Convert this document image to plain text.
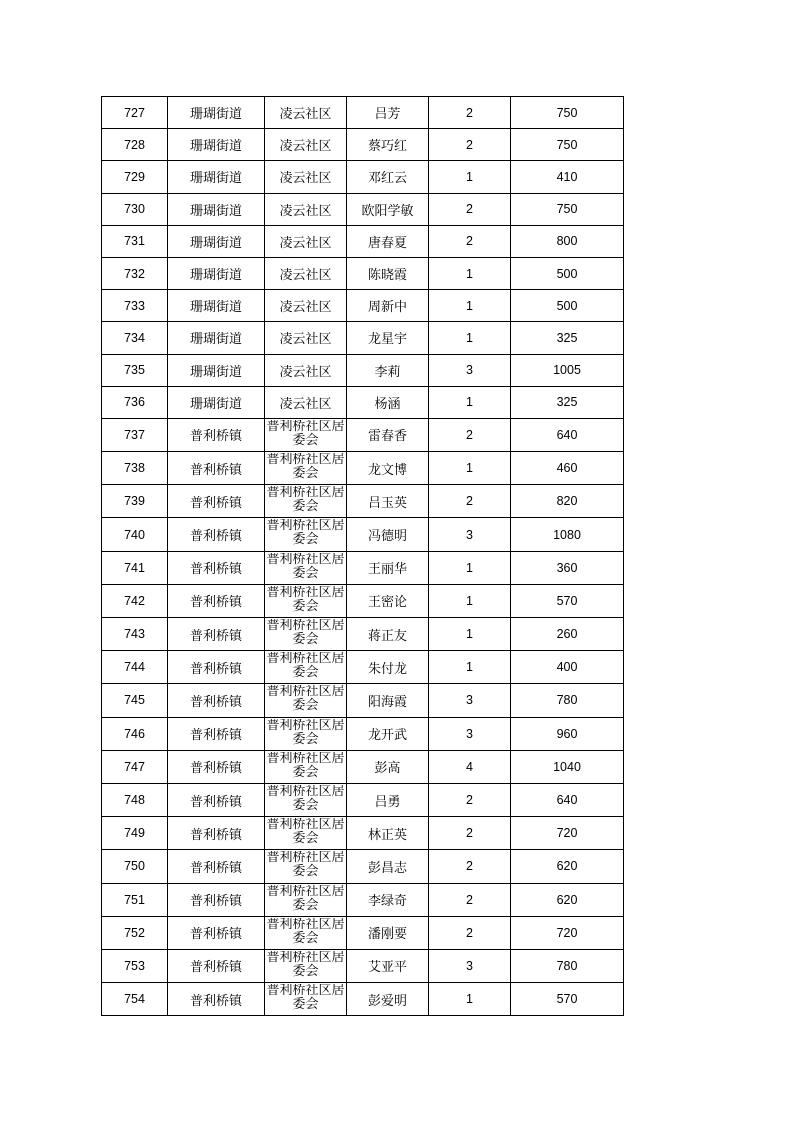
727	珊瑚街道	凌云社区	吕芳	2	750
728	珊瑚街道	凌云社区	蔡巧红	2	750
729	珊瑚街道	凌云社区	邓红云	1	410
730	珊瑚街道	凌云社区	欧阳学敏	2	750
731	珊瑚街道	凌云社区	唐春夏	2	800
732	珊瑚街道	凌云社区	陈晓霞	1	500
733	珊瑚街道	凌云社区	周新中	1	500
734	珊瑚街道	凌云社区	龙星宇	1	325
735	珊瑚街道	凌云社区	李莉	3	1005
736	珊瑚街道	凌云社区	杨涵	1	325
737	普利桥镇	普利桥社区居委会	雷春香	2	640
738	普利桥镇	普利桥社区居委会	龙文博	1	460
739	普利桥镇	普利桥社区居委会	吕玉英	2	820
740	普利桥镇	普利桥社区居委会	冯德明	3	1080
741	普利桥镇	普利桥社区居委会	王丽华	1	360
742	普利桥镇	普利桥社区居委会	王密论	1	570
743	普利桥镇	普利桥社区居委会	蒋正友	1	260
744	普利桥镇	普利桥社区居委会	朱付龙	1	400
745	普利桥镇	普利桥社区居委会	阳海霞	3	780
746	普利桥镇	普利桥社区居委会	龙开武	3	960
747	普利桥镇	普利桥社区居委会	彭高	4	1040
748	普利桥镇	普利桥社区居委会	吕勇	2	640
749	普利桥镇	普利桥社区居委会	林正英	2	720
750	普利桥镇	普利桥社区居委会	彭昌志	2	620
751	普利桥镇	普利桥社区居委会	李绿奇	2	620
752	普利桥镇	普利桥社区居委会	潘刚要	2	720
753	普利桥镇	普利桥社区居委会	艾亚平	3	780
754	普利桥镇	普利桥社区居委会	彭爱明	1	570
